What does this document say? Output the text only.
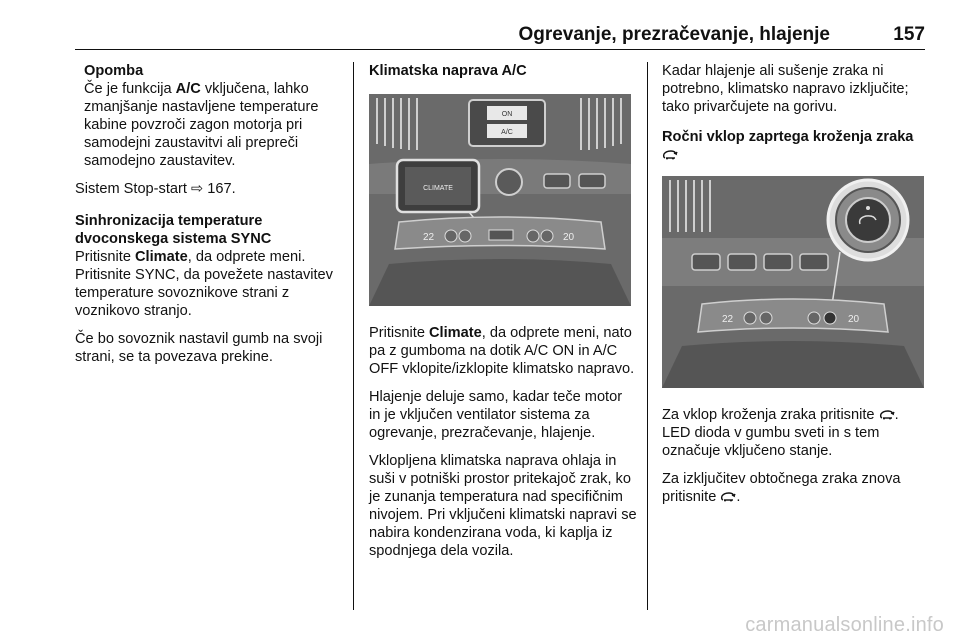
Ogrevanje, prezračevanje, hlajenje	157
Opomba
Če je funkcija A/C vključena, lahko zmanjšanje nastavljene temperature kabine povzroči zagon motorja pri samodejni zaustavitvi ali prepreči samodejno zaustavitev.

Sistem Stop-start ⇨ 167.

Sinhronizacija temperature dvoconskega sistema SYNC

Pritisnite Climate, da odprete meni. Pritisnite SYNC, da povežete nastavitev temperature sovoznikove strani z voznikovo stranjo.

Če bo sovoznik nastavil gumb na svoji strani, se ta povezava prekine.

Klimatska naprava A/C
ON
A/C
CLIMATE
22	20

Pritisnite Climate, da odprete meni, nato pa z gumboma na dotik A/C ON in A/C OFF vklopite/izklopite klimatsko napravo.

Hlajenje deluje samo, kadar teče motor in je vključen ventilator sistema za ogrevanje, prezračevanje, hlajenje.

Vklopljena klimatska naprava ohlaja in suši v potniški prostor pritekajoč zrak, ko je zunanja temperatura nad specifičnim nivojem. Pri vključeni klimatski napravi se nabira kondenzirana voda, ki kaplja iz spodnjega dela vozila.

Kadar hlajenje ali sušenje zraka ni potrebno, klimatsko napravo izključite; tako privarčujete na gorivu.

Ročni vklop zaprtega kroženja zraka
22	20

Za vklop kroženja zraka pritisnite . LED dioda v gumbu sveti in s tem označuje vključeno stanje.

Za izključitev obtočnega zraka znova pritisnite .

carmanualsonline.info
